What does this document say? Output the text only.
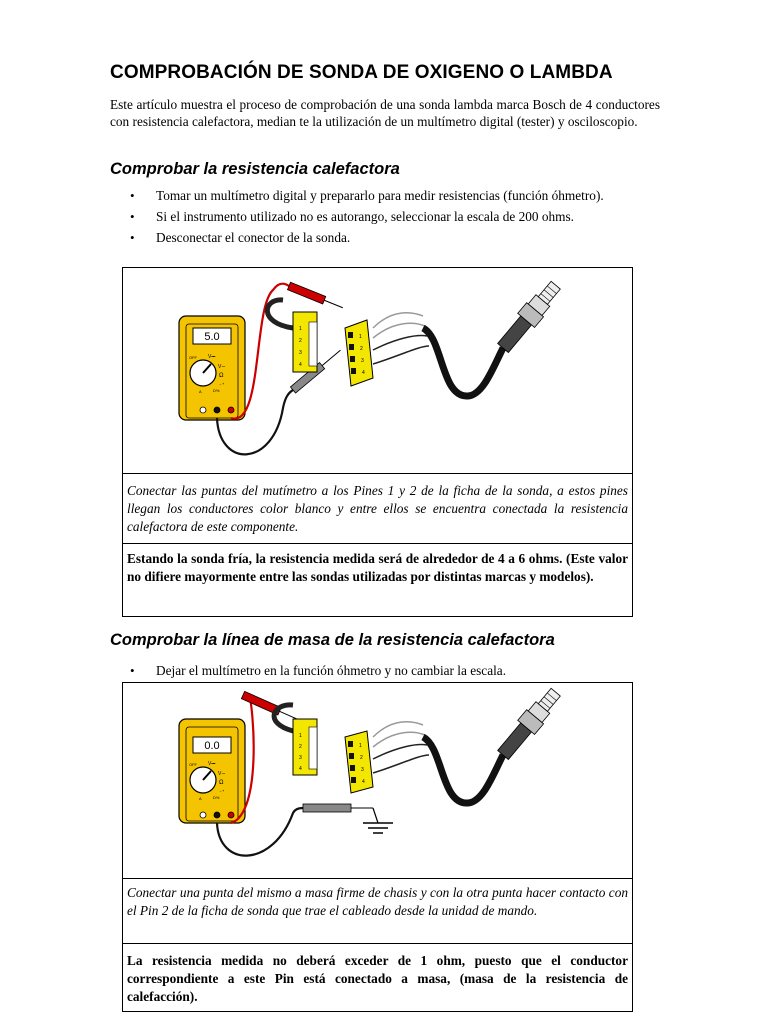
COMPROBACIÓN DE SONDA DE OXIGENO O LAMBDA

Este artículo muestra el proceso de comprobación de una sonda lambda marca Bosch de 4 conductores con resistencia calefactora, median te la utilización de un multímetro digital (tester) y osciloscopio.

Comprobar la resistencia calefactora
• Tomar un multímetro digital y prepararlo para medir resistencias (función óhmetro).
• Si el instrumento utilizado no es autorango, seleccionar la escala de 200 ohms.
• Desconectar el conector de la sonda.
5.0
OFF V⎓
V∼
Ω
→+
D%
A
1
2
3
4
1
2
3
4
Conectar las puntas del mutímetro a los Pines 1 y 2 de la ficha de la sonda, a estos pines llegan los conductores color blanco y entre ellos se encuentra conectada la resistencia calefactora de este componente.
Estando la sonda fría, la resistencia medida será de alrededor de 4 a 6 ohms. (Este valor no difiere mayormente entre las sondas utilizadas por distintas marcas y modelos).
Comprobar la línea de masa de la resistencia calefactora
• Dejar el multímetro en la función óhmetro y no cambiar la escala.
0.0
OFF V⎓
V∼
Ω
→+
D%
A
1
2
3
4
1
2
3
4
Conectar una punta del mismo a masa firme de chasis y con la otra punta hacer contacto con el Pin 2 de la ficha de sonda que trae el cableado desde la unidad de mando.
La resistencia medida no deberá exceder de 1 ohm, puesto que el conductor correspondiente a este Pin está conectado a masa, (masa de la resistencia de calefacción).
